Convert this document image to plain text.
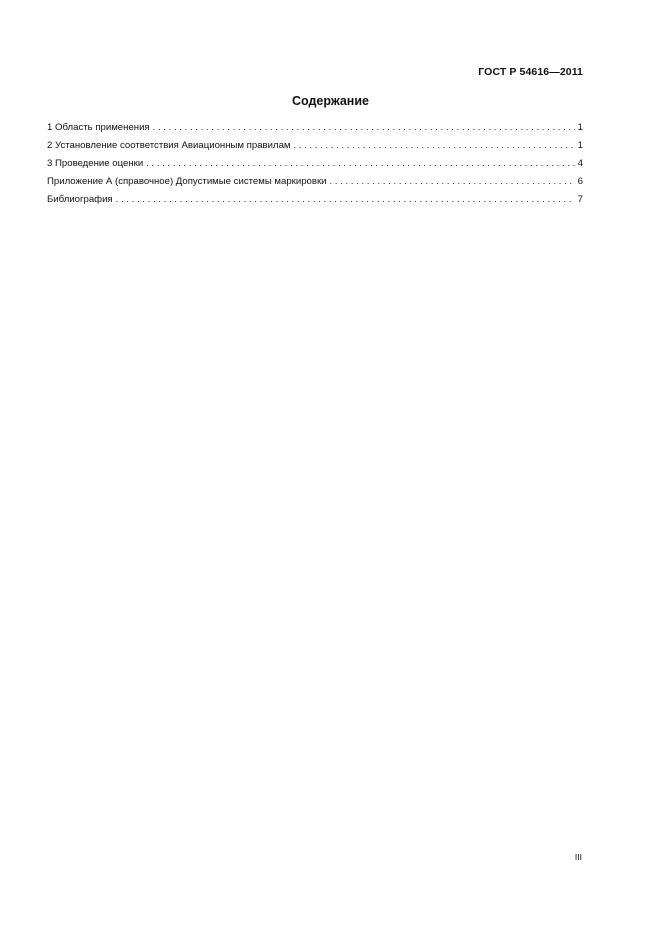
ГОСТ Р 54616—2011
Содержание
1 Область применения . . .	1
2 Установление соответствия Авиационным правилам . . .	1
3 Проведение оценки . . .	4
Приложение А (справочное) Допустимые системы маркировки . . .	6
Библиография . . .	7
III
